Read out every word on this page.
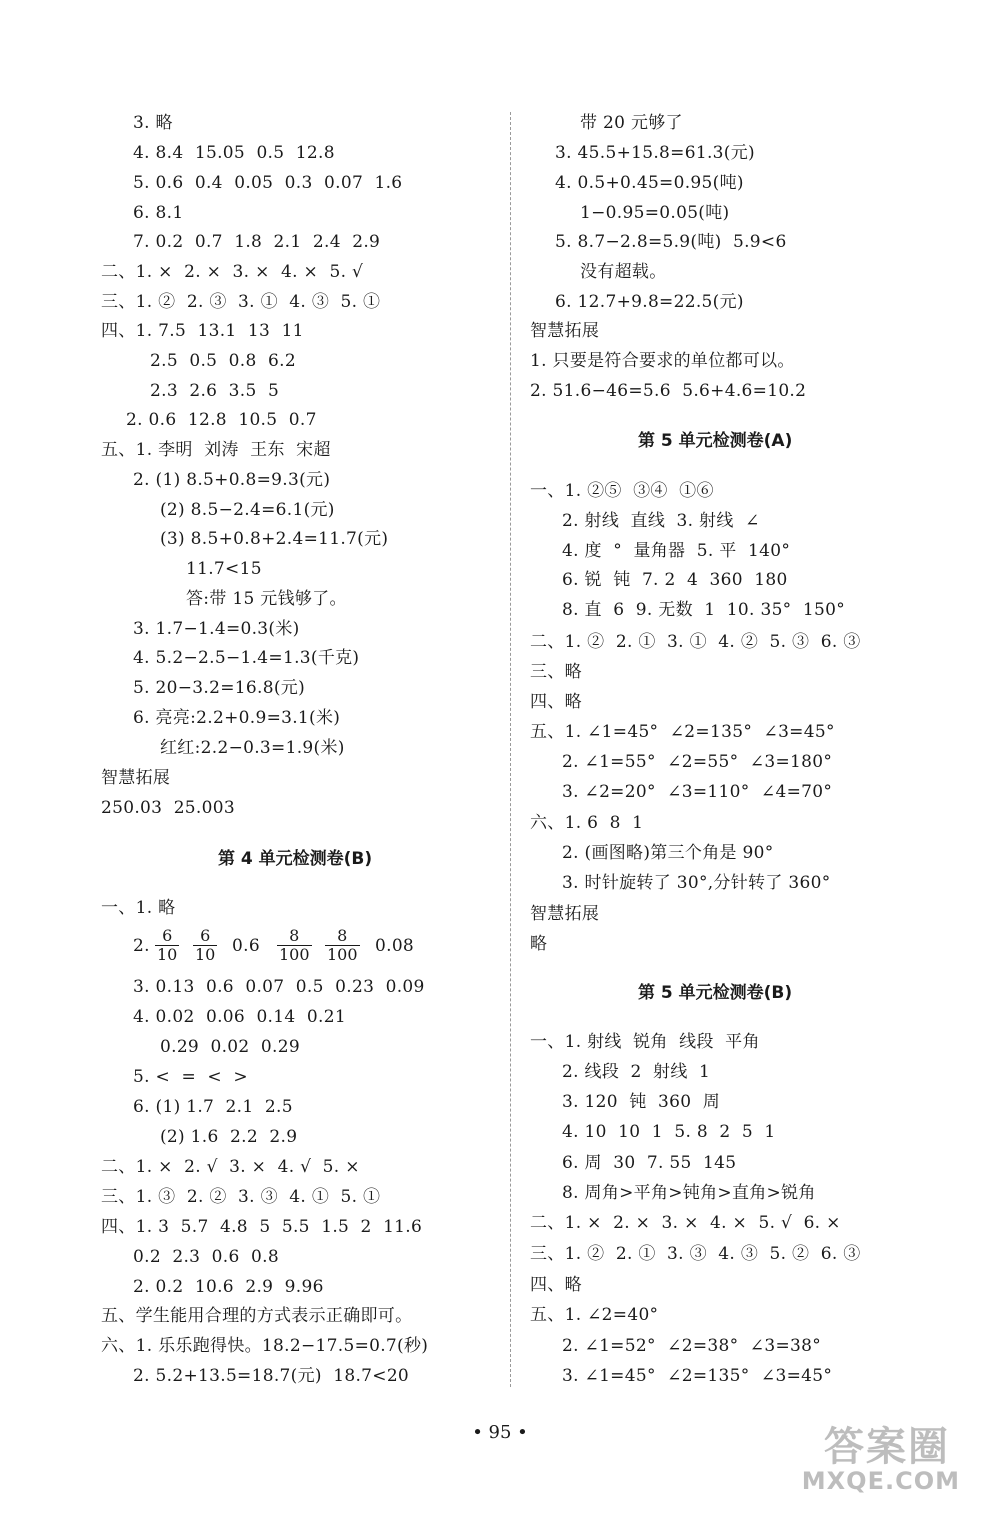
3. 略
4. 8.4  15.05  0.5  12.8
5. 0.6  0.4  0.05  0.3  0.07  1.6
6. 8.1
7. 0.2  0.7  1.8  2.1  2.4  2.9
二、1. ×  2. ×  3. ×  4. ×  5. √
三、1. ②  2. ③  3. ①  4. ③  5. ①
四、1. 7.5  13.1  13  11
2.5  0.5  0.8  6.2
2.3  2.6  3.5  5
2. 0.6  12.8  10.5  0.7
五、1. 李明  刘涛  王东  宋超
2. (1) 8.5+0.8=9.3(元)
(2) 8.5−2.4=6.1(元)
(3) 8.5+0.8+2.4=11.7(元)
11.7<15
答:带 15 元钱够了。
3. 1.7−1.4=0.3(米)
4. 5.2−2.5−1.4=1.3(千克)
5. 20−3.2=16.8(元)
6. 亮亮:2.2+0.9=3.1(米)
红红:2.2−0.3=1.9(米)
智慧拓展
250.03  25.003
第 4 单元检测卷(B)
一、1. 略
2. $\frac{6}{10} \frac{6}{10} 0.6 \frac{8}{100} \frac{8}{100} 0.08$
3. 0.13  0.6  0.07  0.5  0.23  0.09
4. 0.02  0.06  0.14  0.21
0.29  0.02  0.29
5. <  =  <  >
6. (1) 1.7  2.1  2.5
(2) 1.6  2.2  2.9
二、1. ×  2. √  3. ×  4. √  5. ×
三、1. ③  2. ②  3. ③  4. ①  5. ①
四、1. 3  5.7  4.8  5  5.5  1.5  2  11.6
0.2  2.3  0.6  0.8
2. 0.2  10.6  2.9  9.96
五、学生能用合理的方式表示正确即可。
六、1. 乐乐跑得快。18.2−17.5=0.7(秒)
2. 5.2+13.5=18.7(元)  18.7<20
带 20 元够了
3. 45.5+15.8=61.3(元)
4. 0.5+0.45=0.95(吨)
1−0.95=0.05(吨)
5. 8.7−2.8=5.9(吨)  5.9<6
没有超载。
6. 12.7+9.8=22.5(元)
智慧拓展
1. 只要是符合要求的单位都可以。
2. 51.6−46=5.6  5.6+4.6=10.2
第 5 单元检测卷(A)
一、1. ②⑤  ③④  ①⑥
2. 射线  直线  3. 射线  ∠
4. 度  °  量角器  5. 平  140°
6. 锐  钝  7. 2  4  360  180
8. 直  6  9. 无数  1  10. 35°  150°
二、1. ②  2. ①  3. ①  4. ②  5. ③  6. ③
三、略
四、略
五、1. ∠1=45°  ∠2=135°  ∠3=45°
2. ∠1=55°  ∠2=55°  ∠3=180°
3. ∠2=20°  ∠3=110°  ∠4=70°
六、1. 6  8  1
2. (画图略)第三个角是 90°
3. 时针旋转了 30°,分针转了 360°
智慧拓展
略
第 5 单元检测卷(B)
一、1. 射线  锐角  线段  平角
2. 线段  2  射线  1
3. 120  钝  360  周
4. 10  10  1  5. 8  2  5  1
6. 周  30  7. 55  145
8. 周角>平角>钝角>直角>锐角
二、1. ×  2. ×  3. ×  4. ×  5. √  6. ×
三、1. ②  2. ①  3. ③  4. ③  5. ②  6. ③
四、略
五、1. ∠2=40°
2. ∠1=52°  ∠2=38°  ∠3=38°
3. ∠1=45°  ∠2=135°  ∠3=45°
• 95 •	答案圈
MXQE.COM
